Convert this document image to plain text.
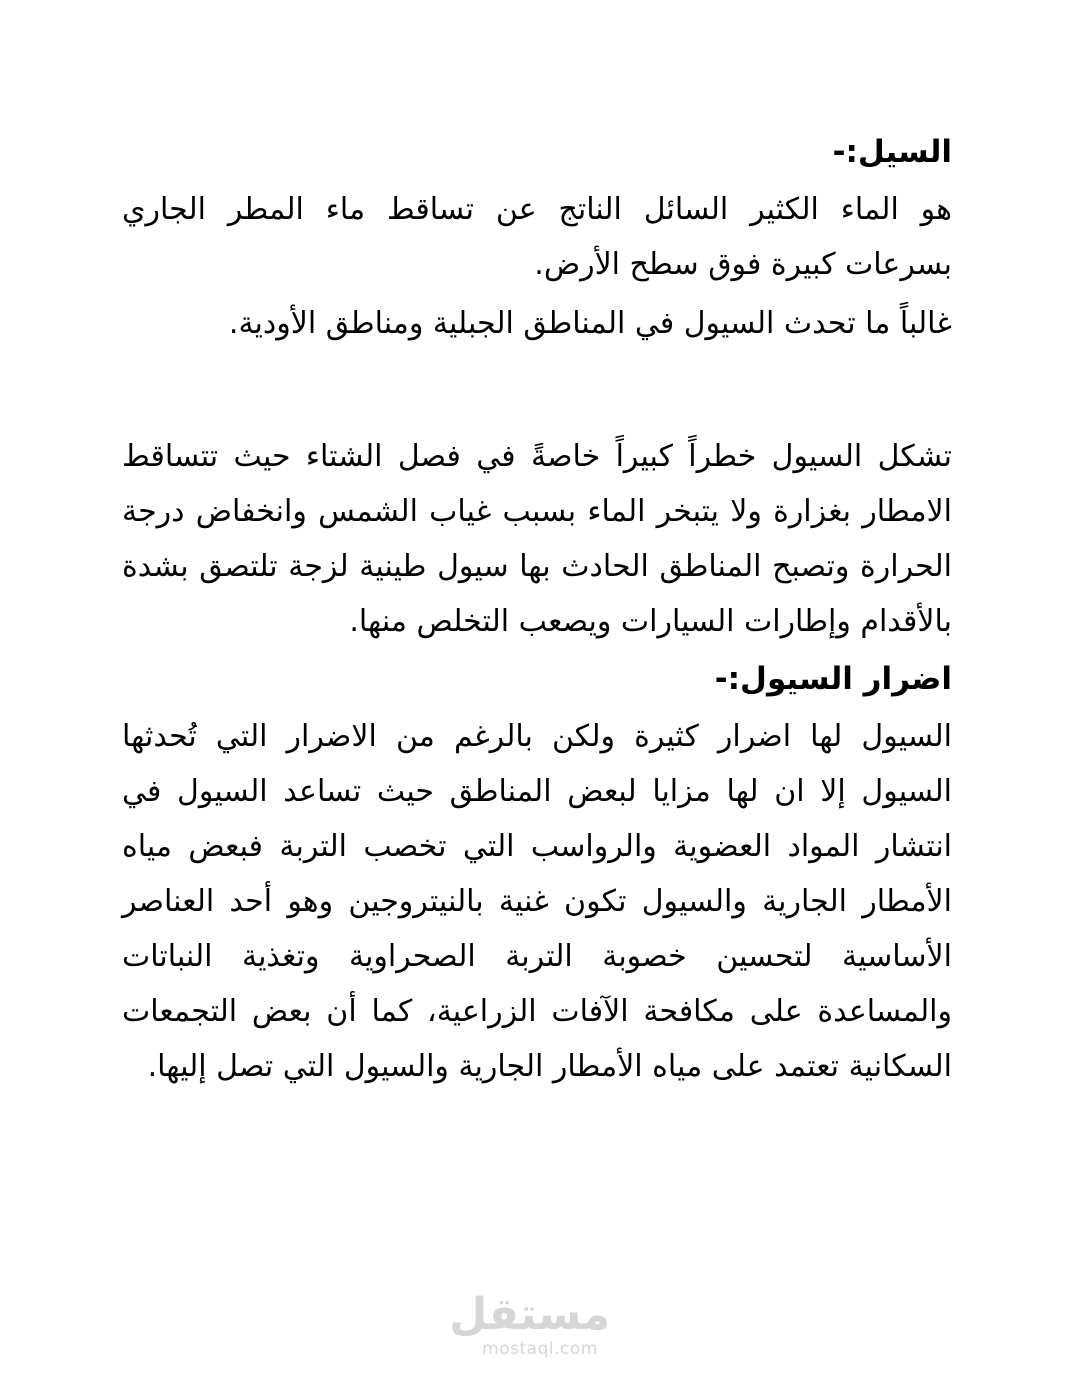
السيل:-

هو الماء الكثير السائل الناتج عن تساقط ماء المطر الجاري بسرعات كبيرة فوق سطح الأرض.

غالباً ما تحدث السيول في المناطق الجبلية ومناطق الأودية.

تشكل السيول خطراً كبيراً خاصةً في فصل الشتاء حيث تتساقط الامطار بغزارة ولا يتبخر الماء بسبب غياب الشمس وانخفاض درجة الحرارة وتصبح المناطق الحادث بها سيول طينية لزجة تلتصق بشدة بالأقدام وإطارات السيارات ويصعب التخلص منها.

اضرار السيول:-

السيول لها اضرار كثيرة ولكن بالرغم من الاضرار التي تُحدثها السيول إلا ان لها مزايا لبعض المناطق حيث تساعد السيول في انتشار المواد العضوية والرواسب التي تخصب التربة فبعض مياه الأمطار الجارية والسيول تكون غنية بالنيتروجين وهو أحد العناصر الأساسية لتحسين خصوبة التربة الصحراوية وتغذية النباتات والمساعدة على مكافحة الآفات الزراعية، كما أن بعض التجمعات السكانية تعتمد على مياه الأمطار الجارية والسيول التي تصل إليها.

مستقل
mostaql.com
